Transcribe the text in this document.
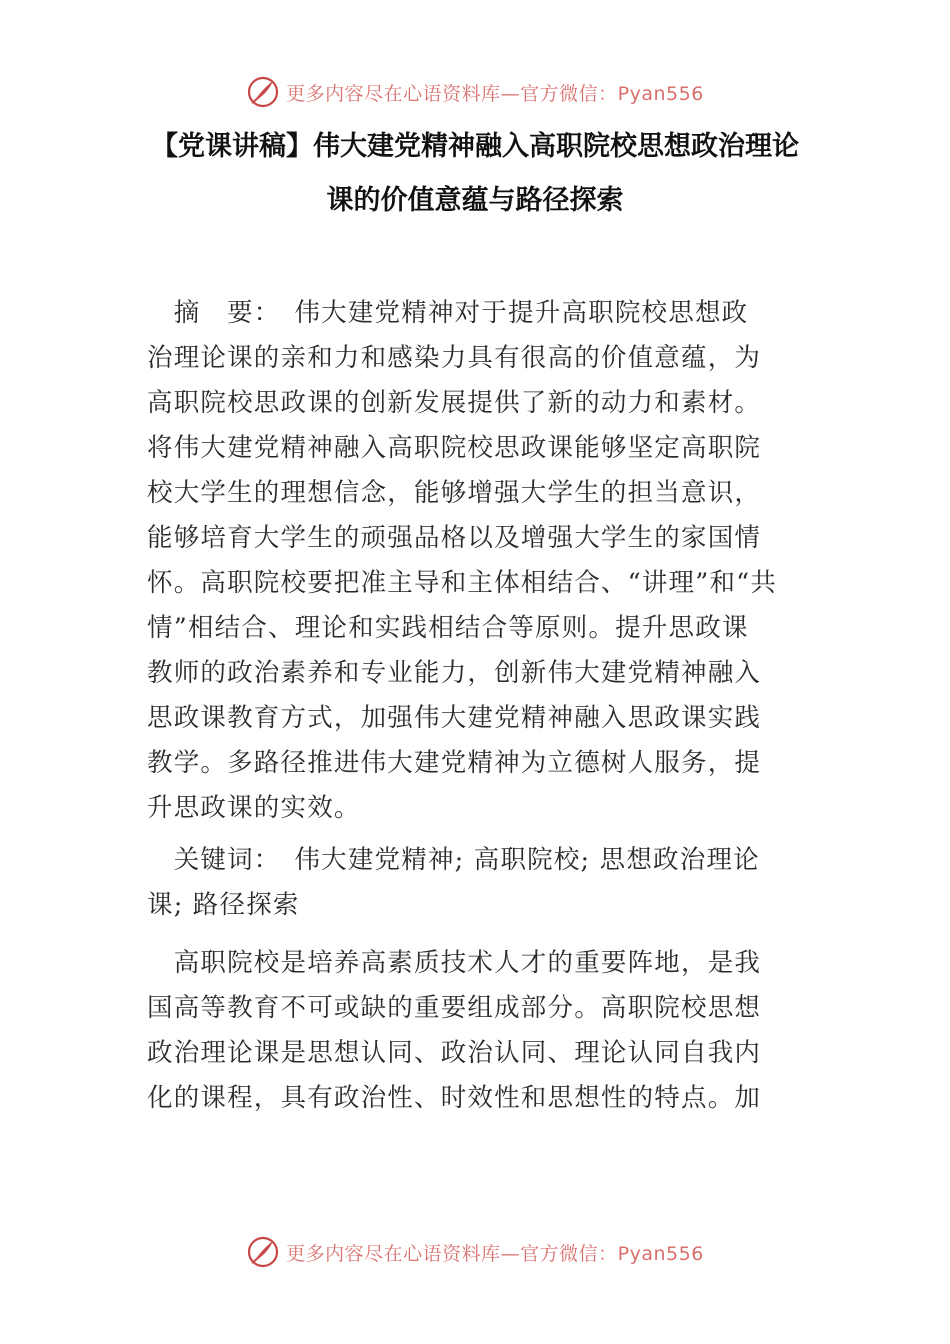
更多内容尽在心语资料库—官方微信：Pyan556
【党课讲稿】伟大建党精神融入高职院校思想政治理论
课的价值意蕴与路径探索
　摘　要：　伟大建党精神对于提升高职院校思想政
治理论课的亲和力和感染力具有很高的价值意蕴，为
高职院校思政课的创新发展提供了新的动力和素材。
将伟大建党精神融入高职院校思政课能够坚定高职院
校大学生的理想信念，能够增强大学生的担当意识，
能够培育大学生的顽强品格以及增强大学生的家国情
怀。高职院校要把准主导和主体相结合、“讲理”和“共
情”相结合、理论和实践相结合等原则。提升思政课
教师的政治素养和专业能力，创新伟大建党精神融入
思政课教育方式，加强伟大建党精神融入思政课实践
教学。多路径推进伟大建党精神为立德树人服务，提
升思政课的实效。
　关键词：　伟大建党精神; 高职院校; 思想政治理论
课; 路径探索
　高职院校是培养高素质技术人才的重要阵地，是我
国高等教育不可或缺的重要组成部分。高职院校思想
政治理论课是思想认同、政治认同、理论认同自我内
化的课程，具有政治性、时效性和思想性的特点。加
更多内容尽在心语资料库—官方微信：Pyan556
